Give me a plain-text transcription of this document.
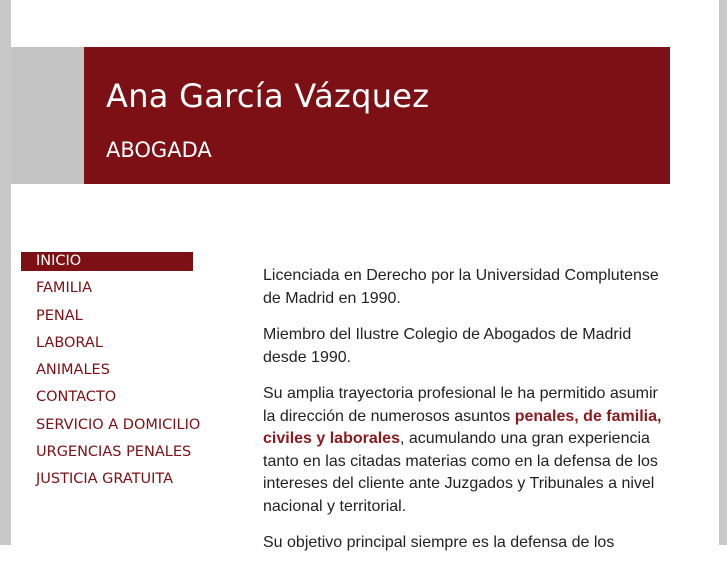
Ana García Vázquez
ABOGADA
INICIO
FAMILIA
PENAL
LABORAL
ANIMALES
CONTACTO
SERVICIO A DOMICILIO
URGENCIAS PENALES
JUSTICIA GRATUITA

Licenciada en Derecho por la Universidad Complutense de Madrid en 1990.

Miembro del Ilustre Colegio de Abogados de Madrid desde 1990.

Su amplia trayectoria profesional le ha permitido asumir la dirección de numerosos asuntos penales, de familia, civiles y laborales, acumulando una gran experiencia tanto en las citadas materias como en la defensa de los intereses del cliente ante Juzgados y Tribunales a nivel nacional y territorial.

Su objetivo principal siempre es la defensa de los
